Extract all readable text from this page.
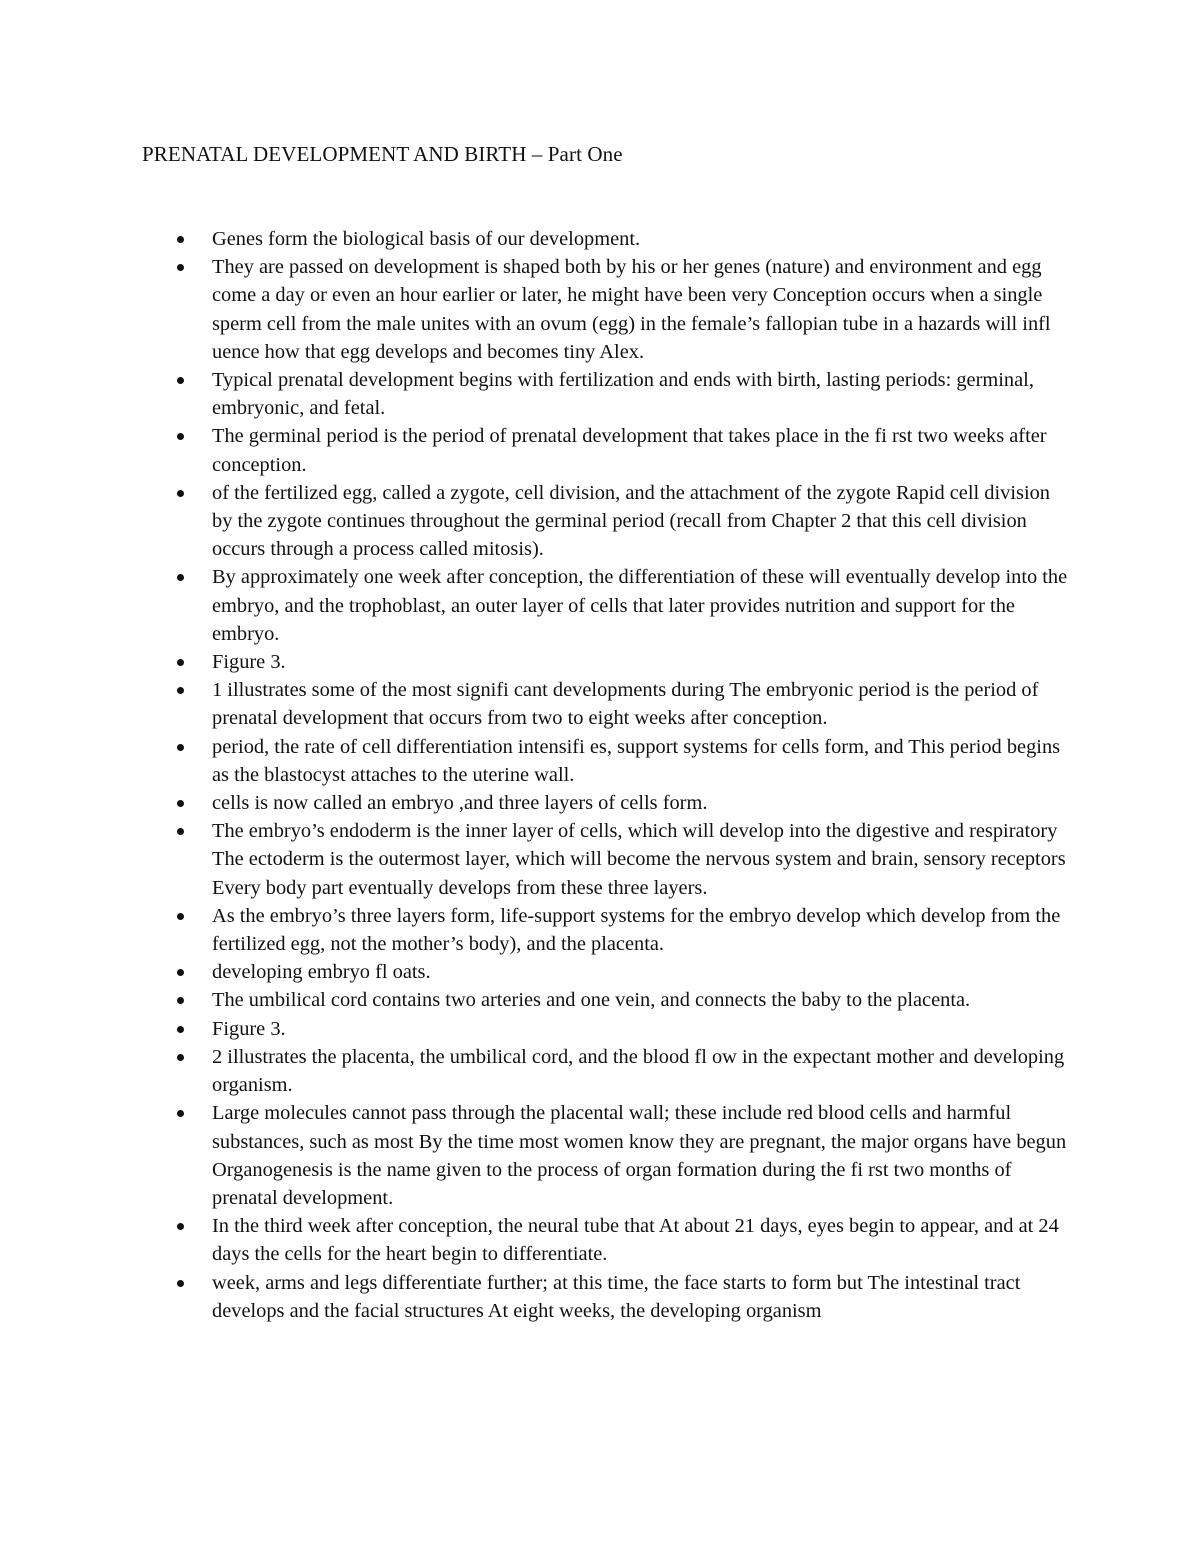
PRENATAL DEVELOPMENT AND BIRTH – Part One
Genes form the biological basis of our development.
They are passed on development is shaped both by his or her genes (nature) and environment and egg come a day or even an hour earlier or later, he might have been very Conception occurs when a single sperm cell from the male unites with an ovum (egg) in the female’s fallopian tube in a hazards will infl uence how that egg develops and becomes tiny Alex.
Typical prenatal development begins with fertilization and ends with birth, lasting periods: germinal, embryonic, and fetal.
The germinal period is the period of prenatal development that takes place in the fi rst two weeks after conception.
of the fertilized egg, called a zygote, cell division, and the attachment of the zygote Rapid cell division by the zygote continues throughout the germinal period (recall from Chapter 2 that this cell division occurs through a process called mitosis).
By approximately one week after conception, the differentiation of these will eventually develop into the embryo, and the trophoblast, an outer layer of cells that later provides nutrition and support for the embryo.
Figure 3.
1 illustrates some of the most signifi cant developments during The embryonic period is the period of prenatal development that occurs from two to eight weeks after conception.
period, the rate of cell differentiation intensifi es, support systems for cells form, and This period begins as the blastocyst attaches to the uterine wall.
cells is now called an embryo ,and three layers of cells form.
The embryo’s endoderm is the inner layer of cells, which will develop into the digestive and respiratory The ectoderm is the outermost layer, which will become the nervous system and brain, sensory receptors Every body part eventually develops from these three layers.
As the embryo’s three layers form, life-support systems for the embryo develop which develop from the fertilized egg, not the mother’s body), and the placenta.
developing embryo fl oats.
The umbilical cord contains two arteries and one vein, and connects the baby to the placenta.
Figure 3.
2 illustrates the placenta, the umbilical cord, and the blood fl ow in the expectant mother and developing organism.
Large molecules cannot pass through the placental wall; these include red blood cells and harmful substances, such as most By the time most women know they are pregnant, the major organs have begun Organogenesis is the name given to the process of organ formation during the fi rst two months of prenatal development.
In the third week after conception, the neural tube that At about 21 days, eyes begin to appear, and at 24 days the cells for the heart begin to differentiate.
week, arms and legs differentiate further; at this time, the face starts to form but The intestinal tract develops and the facial structures At eight weeks, the developing organism
